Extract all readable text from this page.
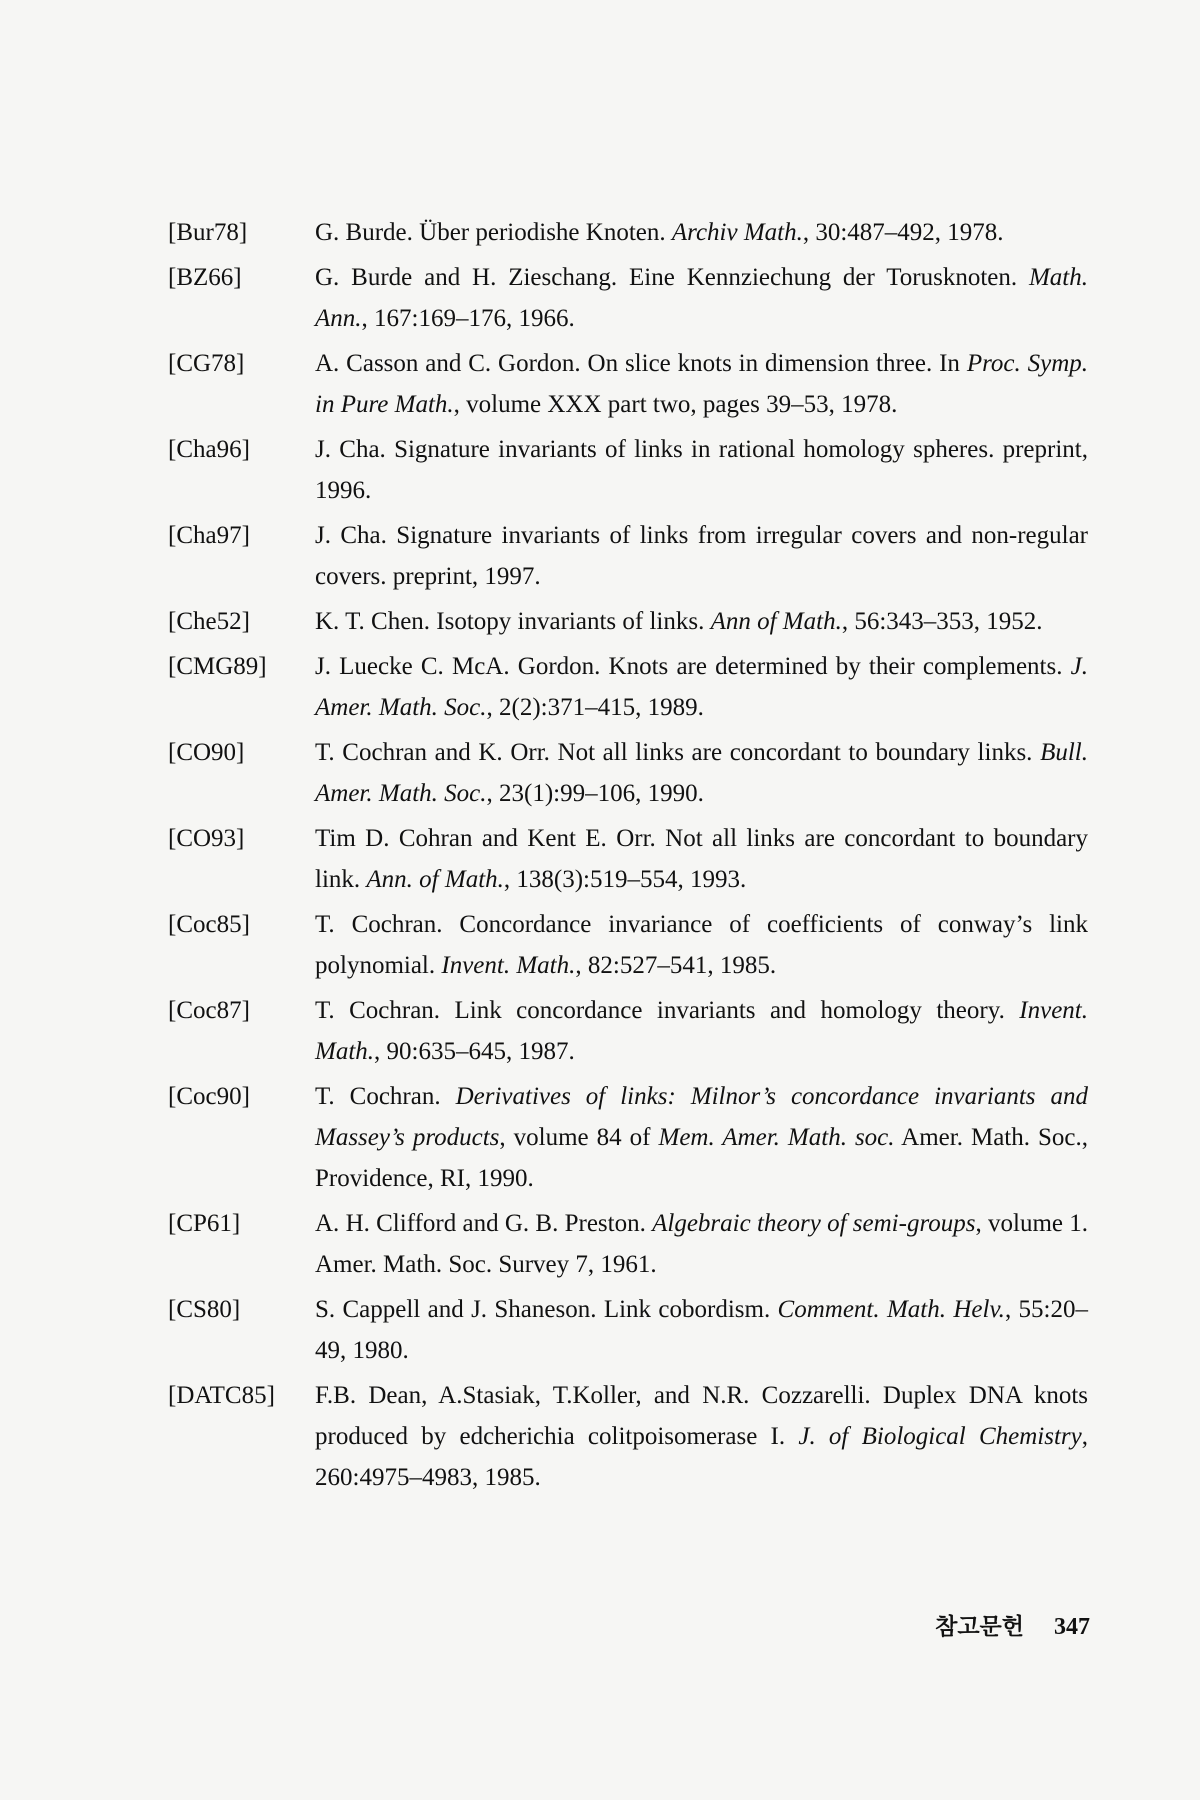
[Bur78]	G. Burde. Über periodishe Knoten. Archiv Math., 30:487–492, 1978.
[BZ66]	G. Burde and H. Zieschang. Eine Kennziechung der Torusknoten. Math. Ann., 167:169–176, 1966.
[CG78]	A. Casson and C. Gordon. On slice knots in dimension three. In Proc. Symp. in Pure Math., volume XXX part two, pages 39–53, 1978.
[Cha96]	J. Cha. Signature invariants of links in rational homology spheres. preprint, 1996.
[Cha97]	J. Cha. Signature invariants of links from irregular covers and non-regular covers. preprint, 1997.
[Che52]	K. T. Chen. Isotopy invariants of links. Ann of Math., 56:343–353, 1952.
[CMG89]	J. Luecke C. McA. Gordon. Knots are determined by their complements. J. Amer. Math. Soc., 2(2):371–415, 1989.
[CO90]	T. Cochran and K. Orr. Not all links are concordant to boundary links. Bull. Amer. Math. Soc., 23(1):99–106, 1990.
[CO93]	Tim D. Cohran and Kent E. Orr. Not all links are concordant to boundary link. Ann. of Math., 138(3):519–554, 1993.
[Coc85]	T. Cochran. Concordance invariance of coefficients of conway’s link polynomial. Invent. Math., 82:527–541, 1985.
[Coc87]	T. Cochran. Link concordance invariants and homology theory. Invent. Math., 90:635–645, 1987.
[Coc90]	T. Cochran. Derivatives of links: Milnor’s concordance invariants and Massey’s products, volume 84 of Mem. Amer. Math. soc. Amer. Math. Soc., Providence, RI, 1990.
[CP61]	A. H. Clifford and G. B. Preston. Algebraic theory of semi-groups, volume 1. Amer. Math. Soc. Survey 7, 1961.
[CS80]	S. Cappell and J. Shaneson. Link cobordism. Comment. Math. Helv., 55:20–49, 1980.
[DATC85]	F.B. Dean, A.Stasiak, T.Koller, and N.R. Cozzarelli. Duplex DNA knots produced by edcherichia colitpoisomerase I. J. of Biological Chemistry, 260:4975–4983, 1985.
참고문헌 347
